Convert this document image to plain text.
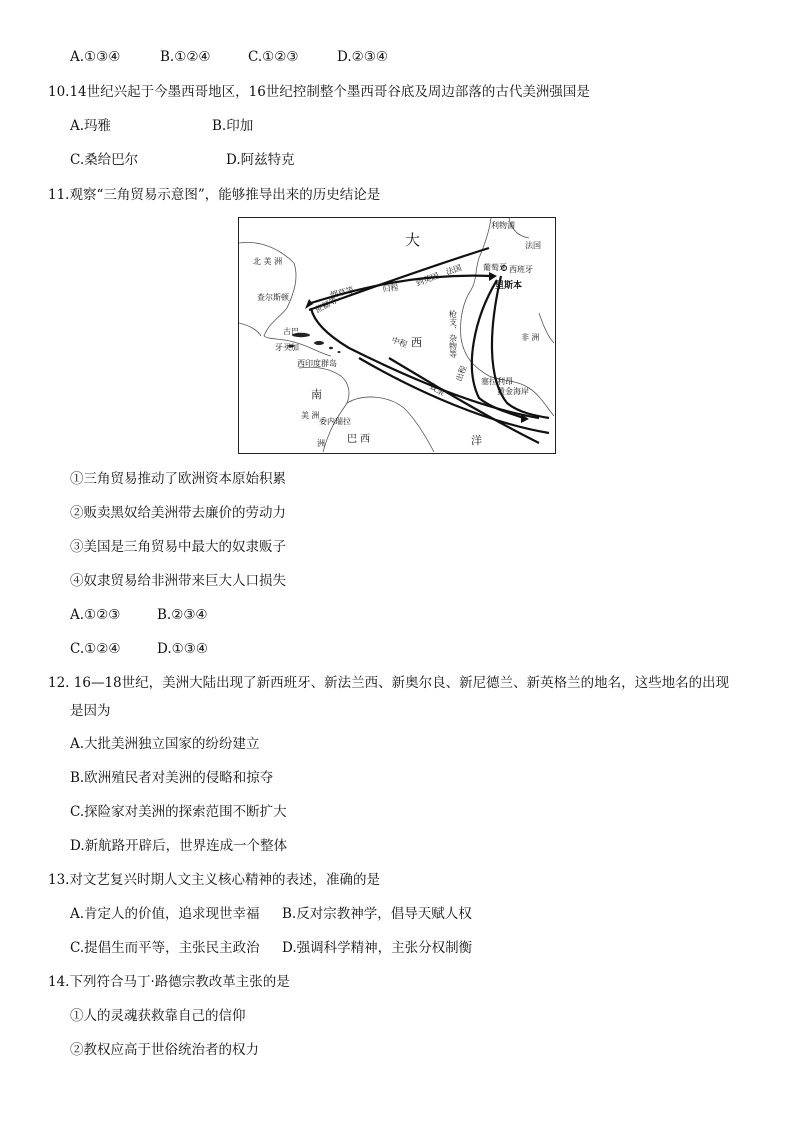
A.①③④	B.①②④	C.①②③	D.②③④
10.14世纪兴起于今墨西哥地区，16世纪控制整个墨西哥谷底及周边部落的古代美洲强国是
A.玛雅	B.印加
C.桑给巴尔	D.阿兹特克
11.观察“三角贸易示意图”，能够推导出来的历史结论是
大
西
洋
北 美 洲
南
美 洲
洲 巴 西
查尔斯顿
古巴
牙买加
西印度群岛
委内瑞拉
利物浦
法国
葡萄牙 西班牙
里斯本
非 洲
塞拉利昂
黄金海岸
烟草等
蔗糖等
归程
到英国、法国
枪支、杂物等
出程
中程
奴隶
①三角贸易推动了欧洲资本原始积累
②贩卖黑奴给美洲带去廉价的劳动力
③美国是三角贸易中最大的奴隶贩子
④奴隶贸易给非洲带来巨大人口损失
A.①②③	B.②③④
C.①②④	D.①③④
12. 16—18世纪，美洲大陆出现了新西班牙、新法兰西、新奥尔良、新尼德兰、新英格兰的地名，这些地名的出现
是因为
A.大批美洲独立国家的纷纷建立
B.欧洲殖民者对美洲的侵略和掠夺
C.探险家对美洲的探索范围不断扩大
D.新航路开辟后，世界连成一个整体
13.对文艺复兴时期人文主义核心精神的表述，准确的是
A.肯定人的价值，追求现世幸福 B.反对宗教神学，倡导天赋人权
C.提倡生而平等，主张民主政治 D.强调科学精神，主张分权制衡
14.下列符合马丁·路德宗教改革主张的是
①人的灵魂获救靠自己的信仰
②教权应高于世俗统治者的权力
